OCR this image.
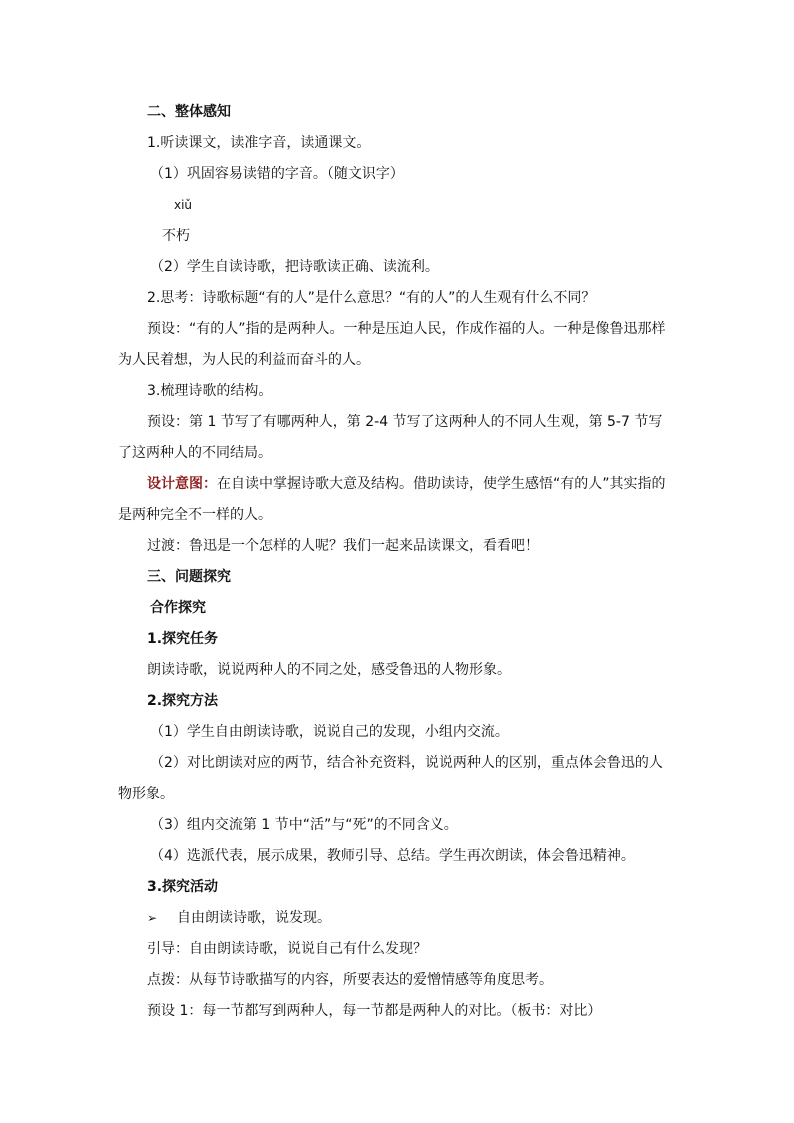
二、整体感知
1.听读课文，读准字音，读通课文。
（1）巩固容易读错的字音。（随文识字）
xiǔ
不朽
（2）学生自读诗歌，把诗歌读正确、读流利。
2.思考：诗歌标题“有的人”是什么意思？“有的人”的人生观有什么不同？
预设：“有的人”指的是两种人。一种是压迫人民，作成作福的人。一种是像鲁迅那样为人民着想，为人民的利益而奋斗的人。
3.梳理诗歌的结构。
预设：第 1 节写了有哪两种人，第 2-4 节写了这两种人的不同人生观，第 5-7 节写了这两种人的不同结局。
设计意图：在自读中掌握诗歌大意及结构。借助读诗，使学生感悟“有的人”其实指的是两种完全不一样的人。
过渡：鲁迅是一个怎样的人呢？我们一起来品读课文，看看吧！
三、问题探究
合作探究
1.探究任务
朗读诗歌，说说两种人的不同之处，感受鲁迅的人物形象。
2.探究方法
（1）学生自由朗读诗歌，说说自己的发现，小组内交流。
（2）对比朗读对应的两节，结合补充资料，说说两种人的区别，重点体会鲁迅的人物形象。
（3）组内交流第 1 节中“活”与“死”的不同含义。
（4）选派代表，展示成果，教师引导、总结。学生再次朗读，体会鲁迅精神。
3.探究活动
➢ 自由朗读诗歌，说发现。
引导：自由朗读诗歌，说说自己有什么发现？
点拨：从每节诗歌描写的内容，所要表达的爱憎情感等角度思考。
预设 1：每一节都写到两种人，每一节都是两种人的对比。（板书：对比）
